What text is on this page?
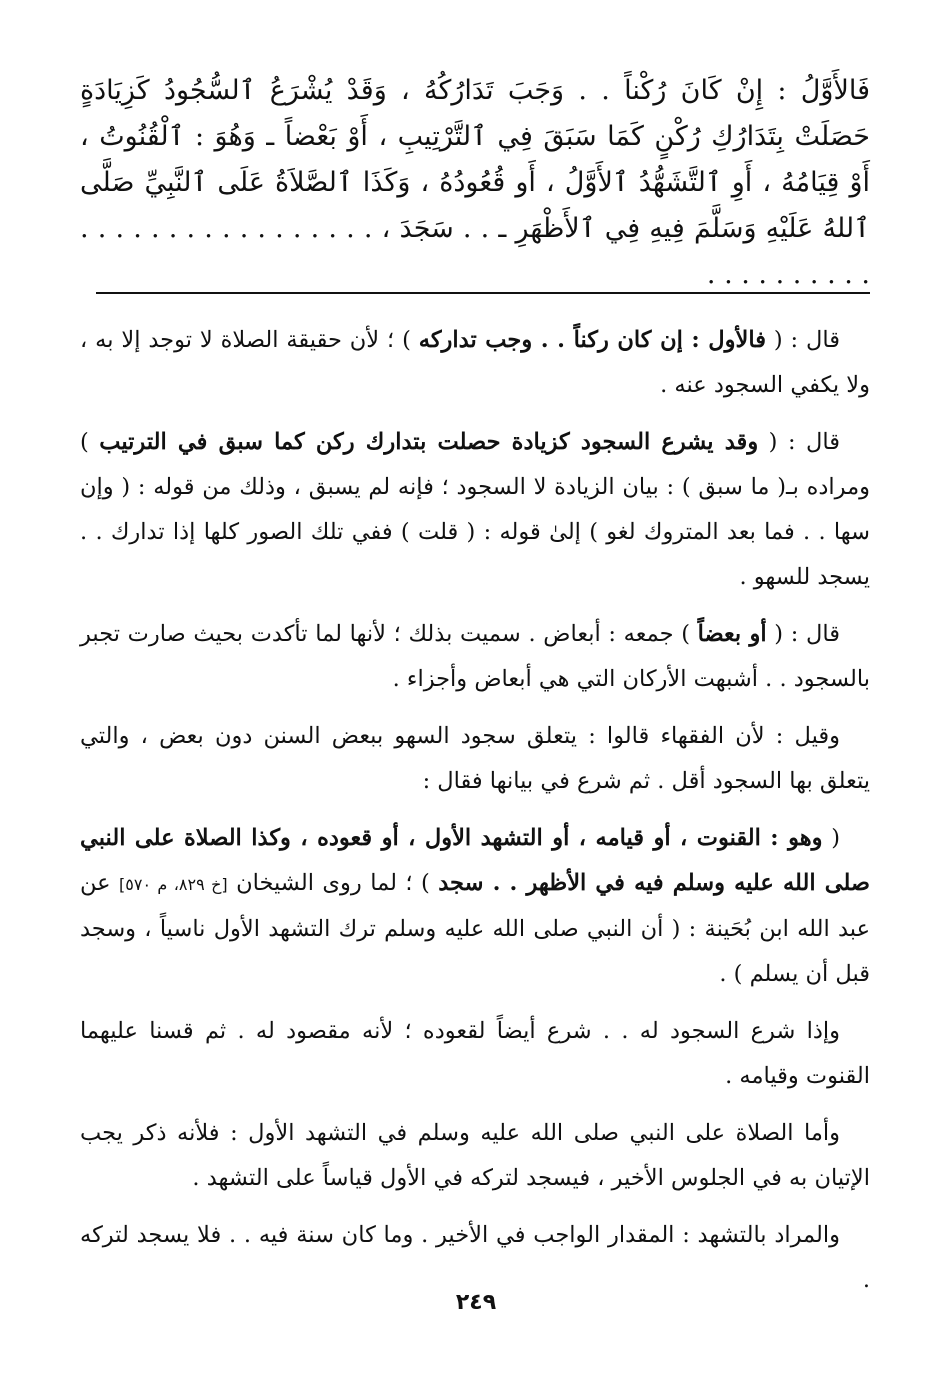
فَالأَوَّلُ : إِنْ كَانَ رُكْناً . . وَجَبَ تَدَارُكُهُ ، وَقَدْ يُشْرَعُ ٱلسُّجُودُ كَزِيَادَةٍ حَصَلَتْ بِتَدَارُكِ رُكْنٍ كَمَا سَبَقَ فِي ٱلتَّرْتِيبِ ، أَوْ بَعْضاً ـ وَهُوَ : ٱلْقُنُوتُ ، أَوْ قِيَامُهُ ، أَوِ ٱلتَّشَهُّدُ ٱلأَوَّلُ ، أَو قُعُودُهُ ، وَكَذَا ٱلصَّلاَةُ عَلَى ٱلنَّبِيِّ صَلَّى ٱللهُ عَلَيْهِ وَسَلَّمَ فِيهِ فِي ٱلأَظْهَرِ ـ . . سَجَدَ ، . . . . . . . . . . . . . . . . . . . . . . . . . . .

قال : ( فالأول : إن كان ركناً . . وجب تداركه ) ؛ لأن حقيقة الصلاة لا توجد إلا به ، ولا يكفي السجود عنه .

قال : ( وقد يشرع السجود كزيادة حصلت بتدارك ركن كما سبق في الترتيب ) ومراده بـ( ما سبق ) : بيان الزيادة لا السجود ؛ فإنه لم يسبق ، وذلك من قوله : ( وإن سها . . فما بعد المتروك لغو ) إلىٰ قوله : ( قلت ) ففي تلك الصور كلها إذا تدارك . . يسجد للسهو .

قال : ( أو بعضاً ) جمعه : أبعاض . سميت بذلك ؛ لأنها لما تأكدت بحيث صارت تجبر بالسجود . . أشبهت الأركان التي هي أبعاض وأجزاء .

وقيل : لأن الفقهاء قالوا : يتعلق سجود السهو ببعض السنن دون بعض ، والتي يتعلق بها السجود أقل . ثم شرع في بيانها فقال :

( وهو : القنوت ، أو قيامه ، أو التشهد الأول ، أو قعوده ، وكذا الصلاة على النبي صلى الله عليه وسلم فيه في الأظهر . . سجد ) ؛ لما روى الشيخان [خ ٨٢٩، م ٥٧٠] عن عبد الله ابن بُحَينة : ( أن النبي صلى الله عليه وسلم ترك التشهد الأول ناسياً ، وسجد قبل أن يسلم ) .

وإذا شرع السجود له . . شرع أيضاً لقعوده ؛ لأنه مقصود له . ثم قسنا عليهما القنوت وقيامه .

وأما الصلاة على النبي صلى الله عليه وسلم في التشهد الأول : فلأنه ذكر يجب الإتيان به في الجلوس الأخير ، فيسجد لتركه في الأول قياساً على التشهد .

والمراد بالتشهد : المقدار الواجب في الأخير . وما كان سنة فيه . . فلا يسجد لتركه .

٢٤٩
